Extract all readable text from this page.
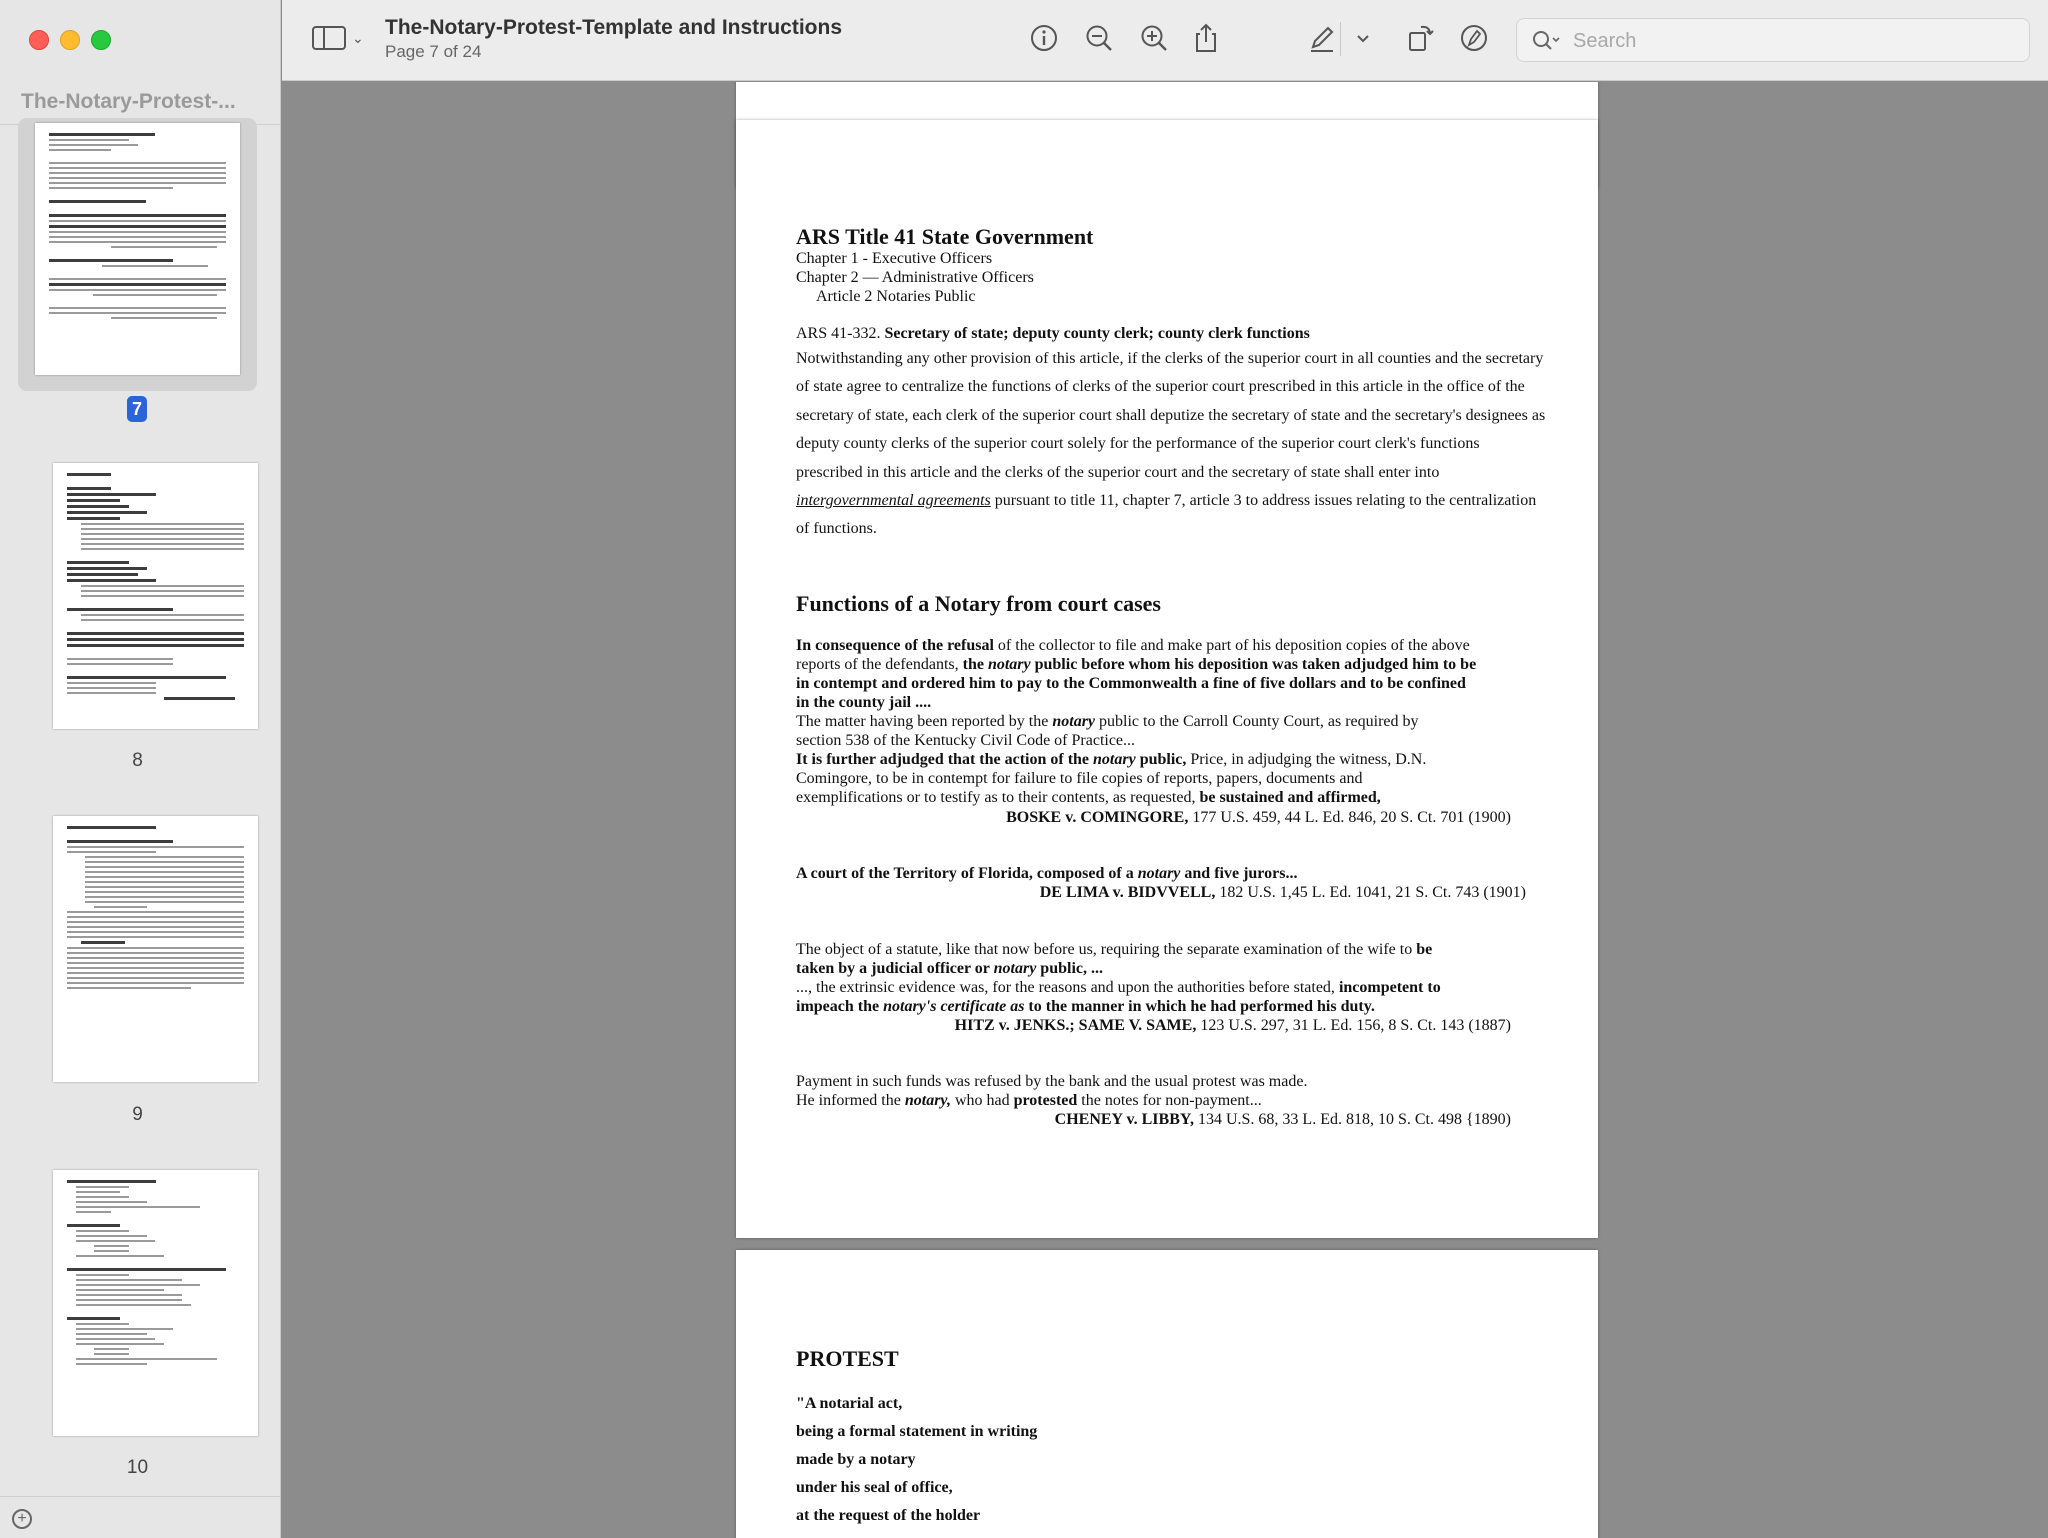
The-Notary-Protest-...
7
8
9
10
+
⌄ The-Notary-Protest-Template and Instructions
Page 7 of 24
Search
ARS Title 41 State Government
Chapter 1 - Executive Officers
Chapter 2 — Administrative Officers
Article 2 Notaries Public
ARS 41-332. Secretary of state; deputy county clerk; county clerk functions
Notwithstanding any other provision of this article, if the clerks of the superior court in all counties and the secretary of state agree to centralize the functions of clerks of the superior court prescribed in this article in the office of the secretary of state, each clerk of the superior court shall deputize the secretary of state and the secretary's designees as deputy county clerks of the superior court solely for the performance of the superior court clerk's functions prescribed in this article and the clerks of the superior court and the secretary of state shall enter into intergovernmental agreements pursuant to title 11, chapter 7, article 3 to address issues relating to the centralization of functions.
Functions of a Notary from court cases
In consequence of the refusal of the collector to file and make part of his deposition copies of the above
reports of the defendants, the notary public before whom his deposition was taken adjudged him to be
in contempt and ordered him to pay to the Commonwealth a fine of five dollars and to be confined
in the county jail ....
The matter having been reported by the notary public to the Carroll County Court, as required by
section 538 of the Kentucky Civil Code of Practice...
It is further adjudged that the action of the notary public, Price, in adjudging the witness, D.N.
Comingore, to be in contempt for failure to file copies of reports, papers, documents and
exemplifications or to testify as to their contents, as requested, be sustained and affirmed,
BOSKE v. COMINGORE, 177 U.S. 459, 44 L. Ed. 846, 20 S. Ct. 701 (1900)
A court of the Territory of Florida, composed of a notary and five jurors...
DE LIMA v. BIDVVELL, 182 U.S. 1,45 L. Ed. 1041, 21 S. Ct. 743 (1901)
The object of a statute, like that now before us, requiring the separate examination of the wife to be
taken by a judicial officer or notary public, ...
..., the extrinsic evidence was, for the reasons and upon the authorities before stated, incompetent to
impeach the notary's certificate as to the manner in which he had performed his duty.
HITZ v. JENKS.; SAME V. SAME, 123 U.S. 297, 31 L. Ed. 156, 8 S. Ct. 143 (1887)
Payment in such funds was refused by the bank and the usual protest was made.
He informed the notary, who had protested the notes for non-payment...
CHENEY v. LIBBY, 134 U.S. 68, 33 L. Ed. 818, 10 S. Ct. 498 {1890)
PROTEST
"A notarial act,
being a formal statement in writing
made by a notary
under his seal of office,
at the request of the holder
